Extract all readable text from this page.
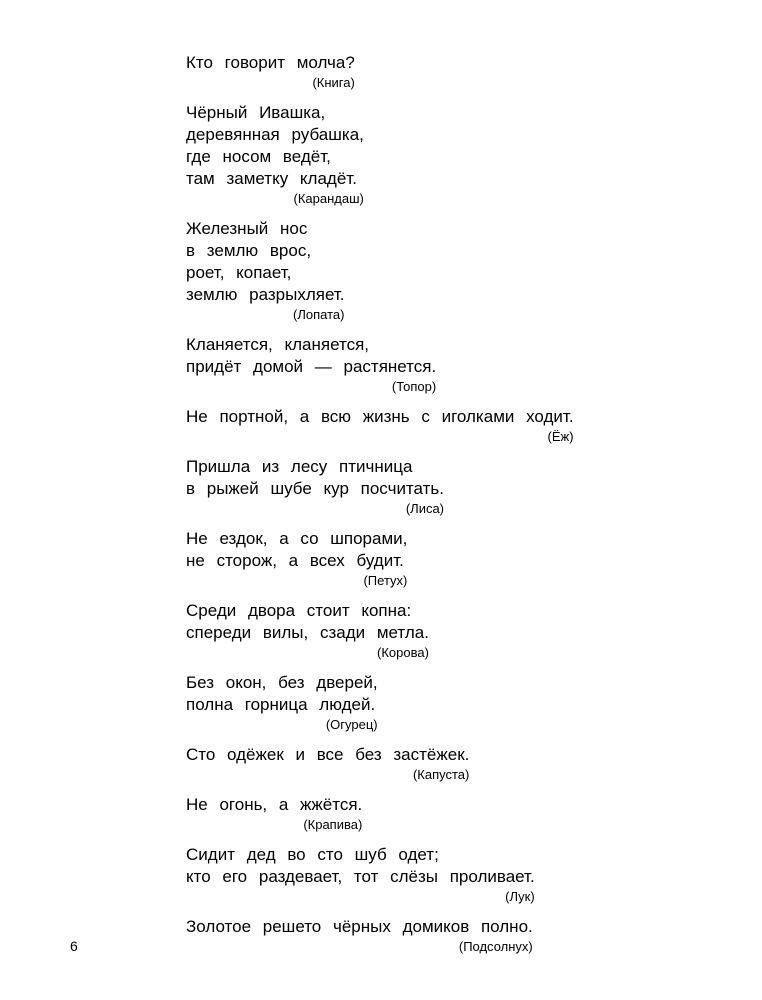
Кто говорит молча?
(Книга)
Чёрный Ивашка,
деревянная рубашка,
где носом ведёт,
там заметку кладёт.
(Карандаш)
Железный нос
в землю врос,
роет, копает,
землю разрыхляет.
(Лопата)
Кланяется, кланяется,
придёт домой — растянется.
(Топор)
Не портной, а всю жизнь с иголками ходит.
(Ёж)
Пришла из лесу птичница
в рыжей шубе кур посчитать.
(Лиса)
Не ездок, а со шпорами,
не сторож, а всех будит.
(Петух)
Среди двора стоит копна:
спереди вилы, сзади метла.
(Корова)
Без окон, без дверей,
полна горница людей.
(Огурец)
Сто одёжек и все без застёжек.
(Капуста)
Не огонь, а жжётся.
(Крапива)
Сидит дед во сто шуб одет;
кто его раздевает, тот слёзы проливает.
(Лук)
Золотое решето чёрных домиков полно.
(Подсолнух)
6
